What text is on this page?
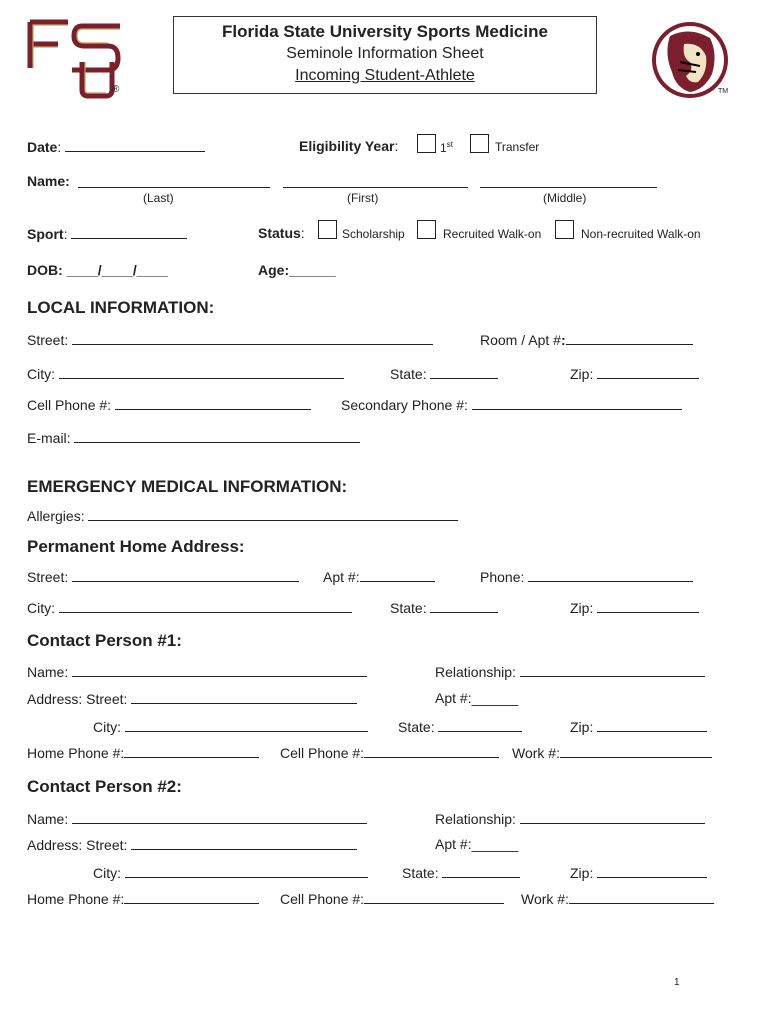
®
Florida State University Sports Medicine
Seminole Information Sheet
Incoming Student-Athlete
TM
Date:	Eligibility Year:	1st	Transfer
Name:
(Last)	(First)	(Middle)
Sport:	Status:	Scholarship	Recruited Walk-on	Non-recruited Walk-on
DOB: ____/____/____	Age:______
LOCAL INFORMATION:
Street:	Room / Apt #:
City:	State:	Zip:
Cell Phone #:	Secondary Phone #:
E-mail:
EMERGENCY MEDICAL INFORMATION:
Allergies:
Permanent Home Address:
Street:	Apt #:	Phone:
City:	State:	Zip:
Contact Person #1:
Name:	Relationship:
Address: Street:	Apt #:______
City:	State:	Zip:
Home Phone #:	Cell Phone #:	Work #:
Contact Person #2:
Name:	Relationship:
Address: Street:	Apt #:______
City:	State:	Zip:
Home Phone #:	Cell Phone #:	Work #:
1
